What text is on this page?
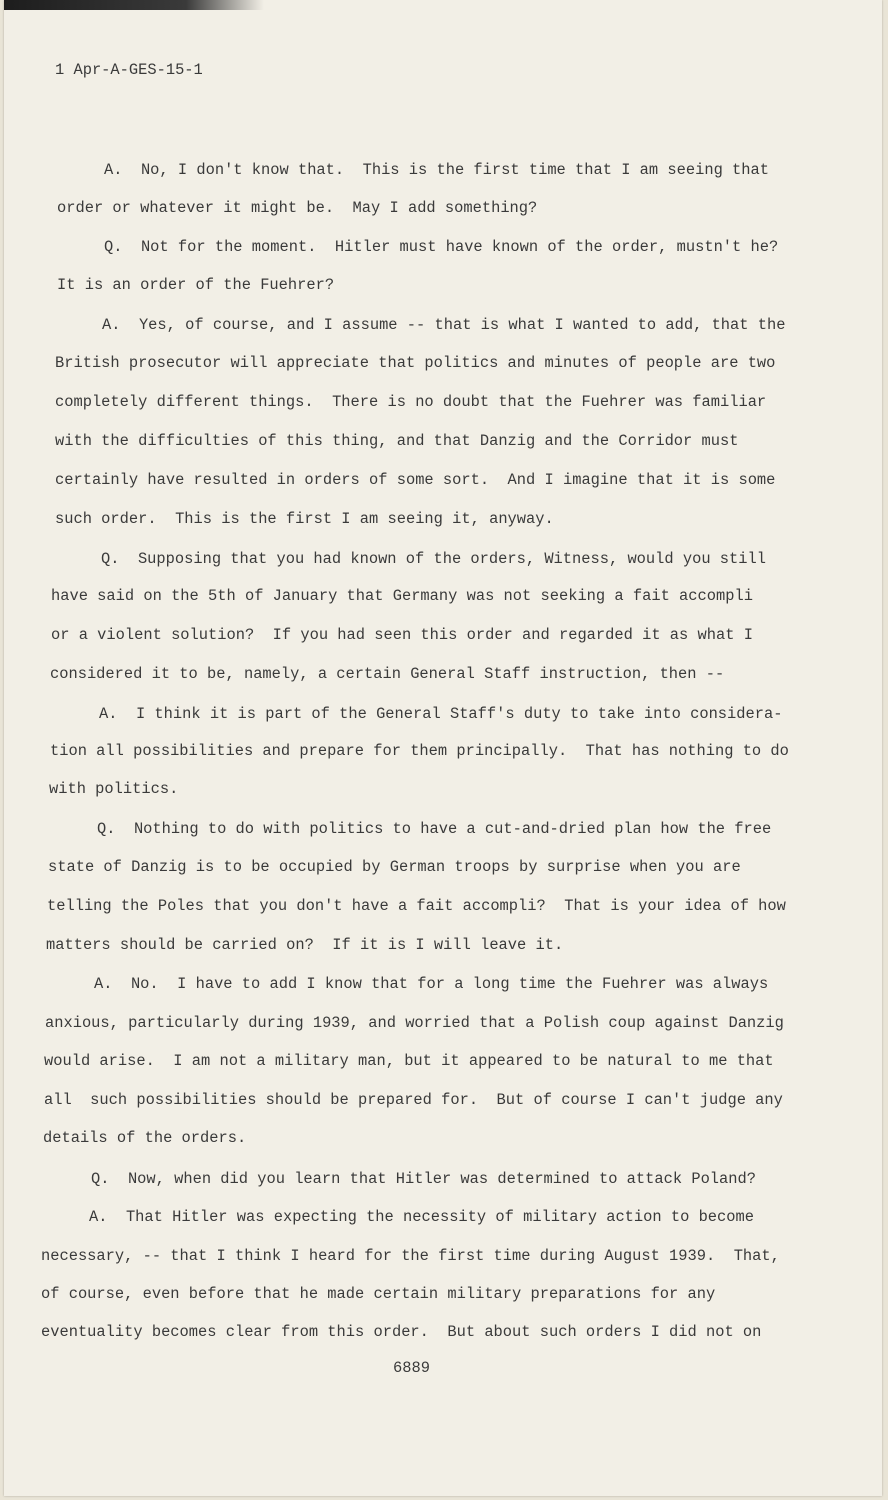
1 Apr-A-GES-15-1
A.  No, I don't know that.  This is the first time that I am seeing that
order or whatever it might be.  May I add something?
Q.  Not for the moment.  Hitler must have known of the order, mustn't he?
It is an order of the Fuehrer?
A.  Yes, of course, and I assume -- that is what I wanted to add, that the
British prosecutor will appreciate that politics and minutes of people are two
completely different things.  There is no doubt that the Fuehrer was familiar
with the difficulties of this thing, and that Danzig and the Corridor must
certainly have resulted in orders of some sort.  And I imagine that it is some
such order.  This is the first I am seeing it, anyway.
Q.  Supposing that you had known of the orders, Witness, would you still
have said on the 5th of January that Germany was not seeking a fait accompli
or a violent solution?  If you had seen this order and regarded it as what I
considered it to be, namely, a certain General Staff instruction, then --
A.  I think it is part of the General Staff's duty to take into considera-
tion all possibilities and prepare for them principally.  That has nothing to do
with politics.
Q.  Nothing to do with politics to have a cut-and-dried plan how the free
state of Danzig is to be occupied by German troops by surprise when you are
telling the Poles that you don't have a fait accompli?  That is your idea of how
matters should be carried on?  If it is I will leave it.
A.  No.  I have to add I know that for a long time the Fuehrer was always
anxious, particularly during 1939, and worried that a Polish coup against Danzig
would arise.  I am not a military man, but it appeared to be natural to me that
all  such possibilities should be prepared for.  But of course I can't judge any
details of the orders.
Q.  Now, when did you learn that Hitler was determined to attack Poland?
A.  That Hitler was expecting the necessity of military action to become
necessary, -- that I think I heard for the first time during August 1939.  That,
of course, even before that he made certain military preparations for any
eventuality becomes clear from this order.  But about such orders I did not on
6889
